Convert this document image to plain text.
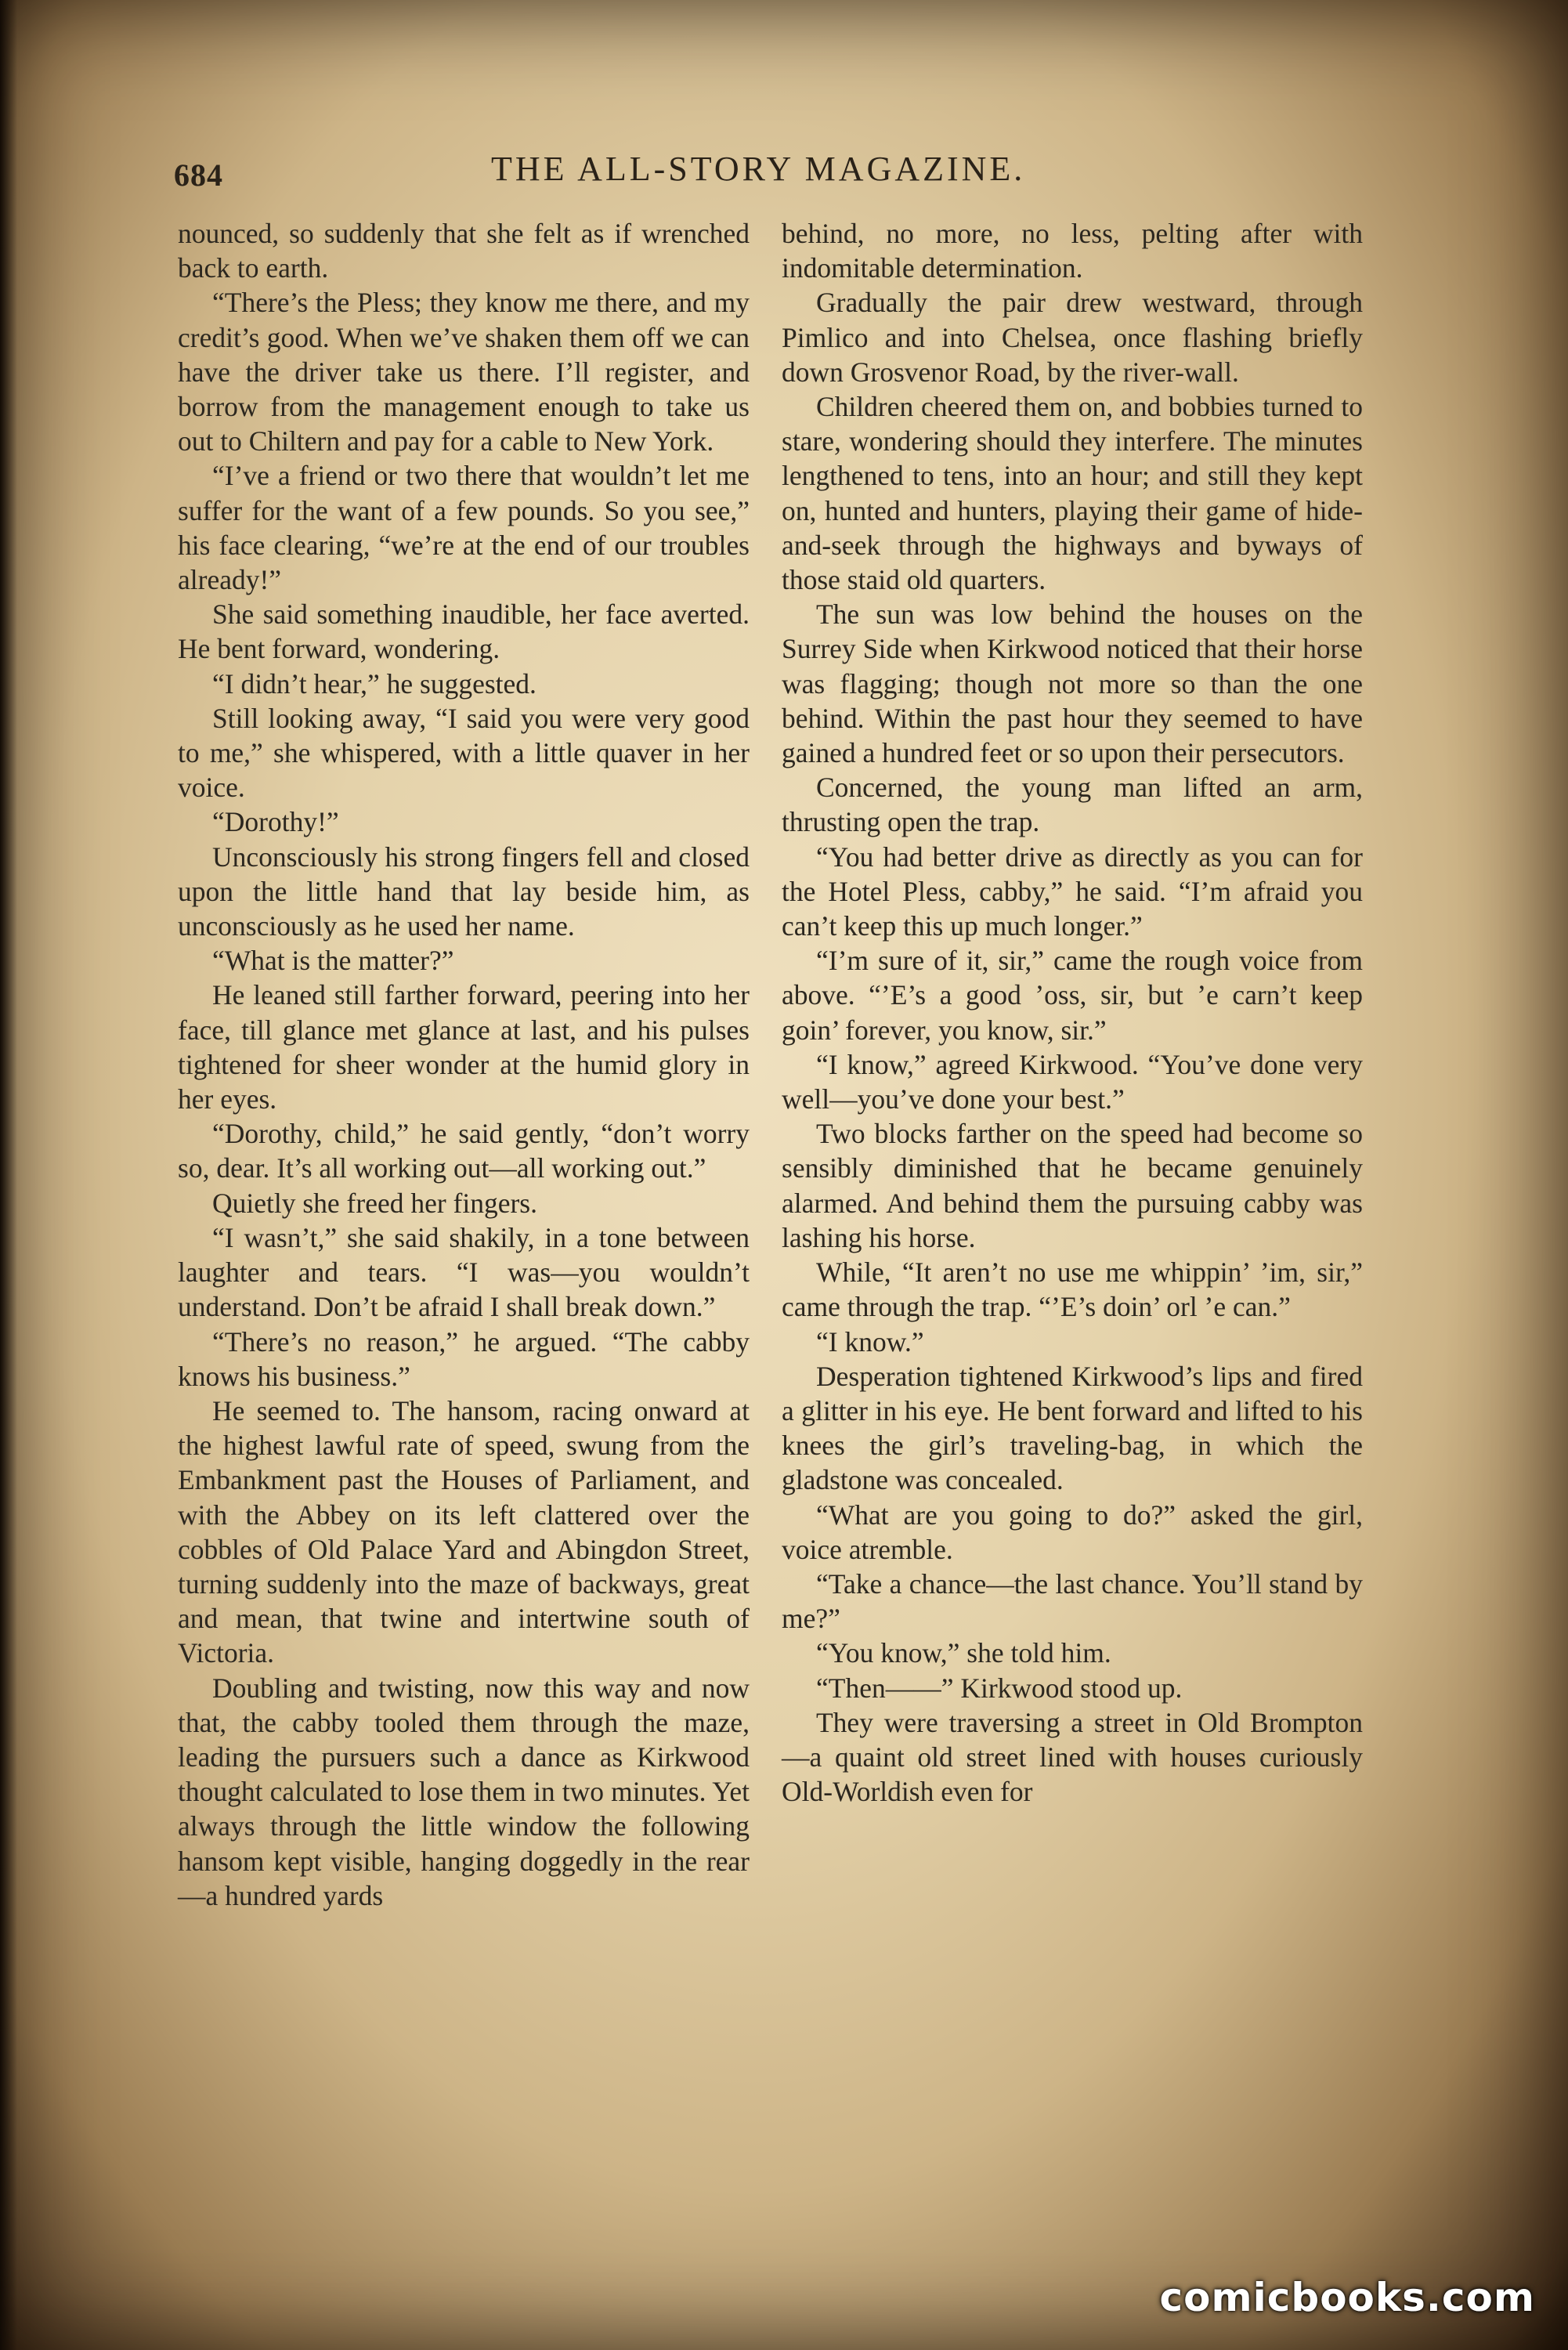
684	THE ALL-STORY MAGAZINE.

nounced, so suddenly that she felt as if wrenched back to earth.

“There’s the Pless; they know me there, and my credit’s good. When we’ve shaken them off we can have the driver take us there. I’ll register, and borrow from the management enough to take us out to Chiltern and pay for a cable to New York.

“I’ve a friend or two there that wouldn’t let me suffer for the want of a few pounds. So you see,” his face clearing, “we’re at the end of our troubles already!”

She said something inaudible, her face averted. He bent forward, wondering.

“I didn’t hear,” he suggested.

Still looking away, “I said you were very good to me,” she whispered, with a little quaver in her voice.

“Dorothy!”

Unconsciously his strong fingers fell and closed upon the little hand that lay beside him, as unconsciously as he used her name.

“What is the matter?”

He leaned still farther forward, peering into her face, till glance met glance at last, and his pulses tightened for sheer wonder at the humid glory in her eyes.

“Dorothy, child,” he said gently, “don’t worry so, dear. It’s all working out—all working out.”

Quietly she freed her fingers.

“I wasn’t,” she said shakily, in a tone between laughter and tears. “I was—you wouldn’t understand. Don’t be afraid I shall break down.”

“There’s no reason,” he argued. “The cabby knows his business.”

He seemed to. The hansom, racing onward at the highest lawful rate of speed, swung from the Embankment past the Houses of Parliament, and with the Abbey on its left clattered over the cobbles of Old Palace Yard and Abingdon Street, turning suddenly into the maze of backways, great and mean, that twine and intertwine south of Victoria.

Doubling and twisting, now this way and now that, the cabby tooled them through the maze, leading the pursuers such a dance as Kirkwood thought calculated to lose them in two minutes. Yet always through the little window the following hansom kept visible, hanging doggedly in the rear—a hundred yards

behind, no more, no less, pelting after with indomitable determination.

Gradually the pair drew westward, through Pimlico and into Chelsea, once flashing briefly down Grosvenor Road, by the river-wall.

Children cheered them on, and bobbies turned to stare, wondering should they interfere. The minutes lengthened to tens, into an hour; and still they kept on, hunted and hunters, playing their game of hide-and-seek through the highways and byways of those staid old quarters.

The sun was low behind the houses on the Surrey Side when Kirkwood noticed that their horse was flagging; though not more so than the one behind. Within the past hour they seemed to have gained a hundred feet or so upon their persecutors.

Concerned, the young man lifted an arm, thrusting open the trap.

“You had better drive as directly as you can for the Hotel Pless, cabby,” he said. “I’m afraid you can’t keep this up much longer.”

“I’m sure of it, sir,” came the rough voice from above. “’E’s a good ’oss, sir, but ’e carn’t keep goin’ forever, you know, sir.”

“I know,” agreed Kirkwood. “You’ve done very well—you’ve done your best.”

Two blocks farther on the speed had become so sensibly diminished that he became genuinely alarmed. And behind them the pursuing cabby was lashing his horse.

While, “It aren’t no use me whippin’ ’im, sir,” came through the trap. “’E’s doin’ orl ’e can.”

“I know.”

Desperation tightened Kirkwood’s lips and fired a glitter in his eye. He bent forward and lifted to his knees the girl’s traveling-bag, in which the gladstone was concealed.

“What are you going to do?” asked the girl, voice atremble.

“Take a chance—the last chance. You’ll stand by me?”

“You know,” she told him.

“Then——” Kirkwood stood up.

They were traversing a street in Old Brompton—a quaint old street lined with houses curiously Old-Worldish even for

comicbooks.com
